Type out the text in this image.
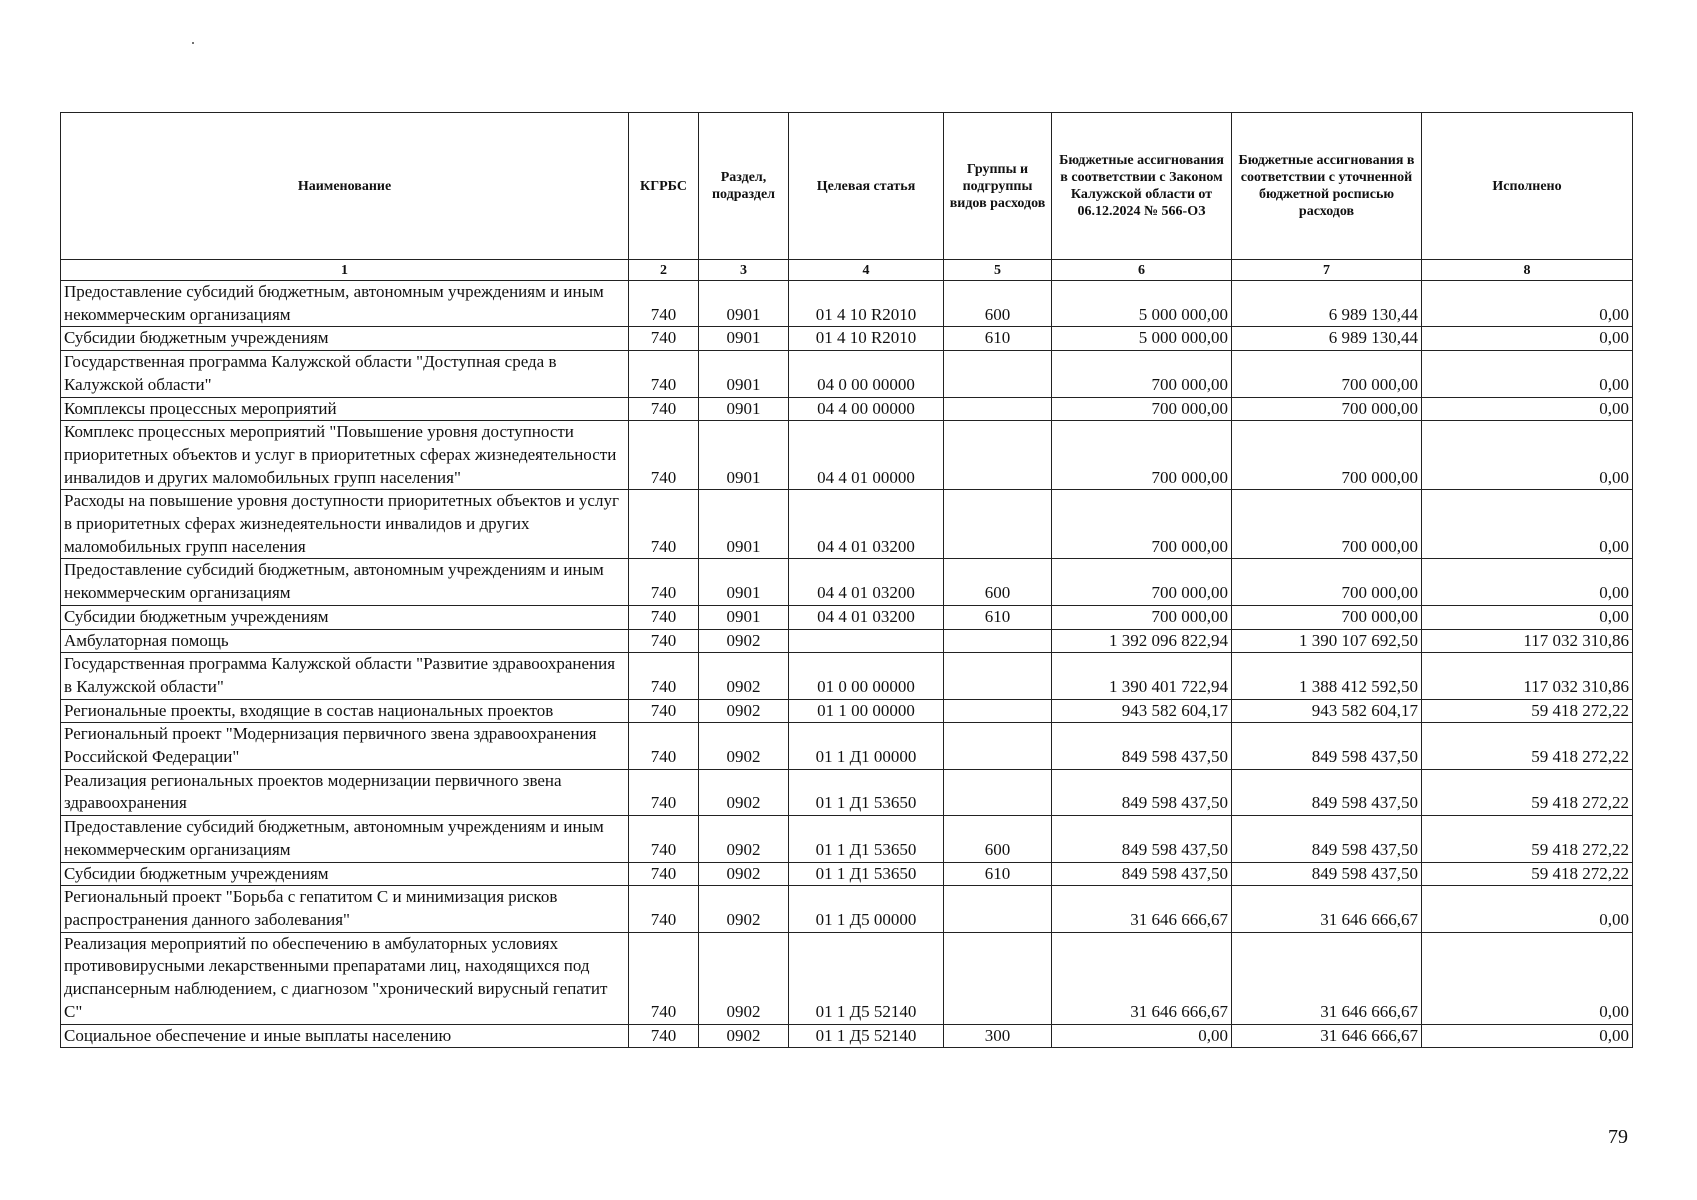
Наименование	КГРБС	Раздел, подраздел	Целевая статья	Группы и подгруппы видов расходов	Бюджетные ассигнования в соответствии с Законом Калужской области от 06.12.2024 № 566-ОЗ	Бюджетные ассигнования в соответствии с уточненной бюджетной росписью расходов	Исполнено
1	2	3	4	5	6	7	8
Предоставление субсидий бюджетным, автономным учреждениям и иным некоммерческим организациям	740	0901	01 4 10 R2010	600	5 000 000,00	6 989 130,44	0,00
Субсидии бюджетным учреждениям	740	0901	01 4 10 R2010	610	5 000 000,00	6 989 130,44	0,00
Государственная программа Калужской области "Доступная среда в Калужской области"	740	0901	04 0 00 00000		700 000,00	700 000,00	0,00
Комплексы процессных мероприятий	740	0901	04 4 00 00000		700 000,00	700 000,00	0,00
Комплекс процессных мероприятий "Повышение уровня доступности приоритетных объектов и услуг в приоритетных сферах жизнедеятельности инвалидов и других маломобильных групп населения"	740	0901	04 4 01 00000		700 000,00	700 000,00	0,00
Расходы на повышение уровня доступности приоритетных объектов и услуг в приоритетных сферах жизнедеятельности инвалидов и других маломобильных групп населения	740	0901	04 4 01 03200		700 000,00	700 000,00	0,00
Предоставление субсидий бюджетным, автономным учреждениям и иным некоммерческим организациям	740	0901	04 4 01 03200	600	700 000,00	700 000,00	0,00
Субсидии бюджетным учреждениям	740	0901	04 4 01 03200	610	700 000,00	700 000,00	0,00
Амбулаторная помощь	740	0902			1 392 096 822,94	1 390 107 692,50	117 032 310,86
Государственная программа Калужской области "Развитие здравоохранения в Калужской области"	740	0902	01 0 00 00000		1 390 401 722,94	1 388 412 592,50	117 032 310,86
Региональные проекты, входящие в состав национальных проектов	740	0902	01 1 00 00000		943 582 604,17	943 582 604,17	59 418 272,22
Региональный проект "Модернизация первичного звена здравоохранения Российской Федерации"	740	0902	01 1 Д1 00000		849 598 437,50	849 598 437,50	59 418 272,22
Реализация региональных проектов модернизации первичного звена здравоохранения	740	0902	01 1 Д1 53650		849 598 437,50	849 598 437,50	59 418 272,22
Предоставление субсидий бюджетным, автономным учреждениям и иным некоммерческим организациям	740	0902	01 1 Д1 53650	600	849 598 437,50	849 598 437,50	59 418 272,22
Субсидии бюджетным учреждениям	740	0902	01 1 Д1 53650	610	849 598 437,50	849 598 437,50	59 418 272,22
Региональный проект "Борьба с гепатитом С и минимизация рисков распространения данного заболевания"	740	0902	01 1 Д5 00000		31 646 666,67	31 646 666,67	0,00
Реализация мероприятий по обеспечению в амбулаторных условиях противовирусными лекарственными препаратами лиц, находящихся под диспансерным наблюдением, с диагнозом "хронический вирусный гепатит С"	740	0902	01 1 Д5 52140		31 646 666,67	31 646 666,67	0,00
Социальное обеспечение и иные выплаты населению	740	0902	01 1 Д5 52140	300	0,00	31 646 666,67	0,00
79
